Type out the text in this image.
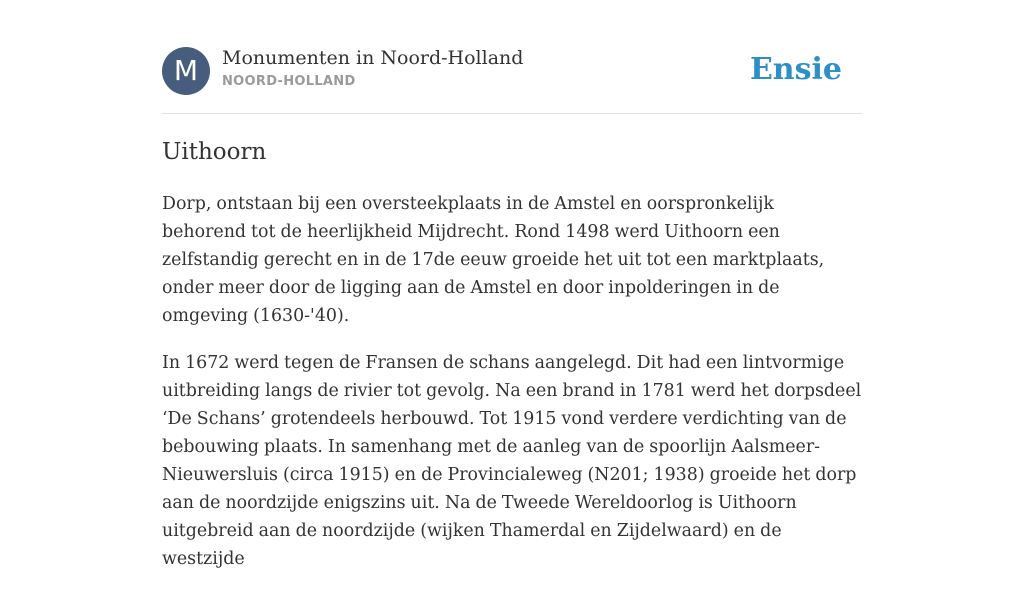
M	Monumenten in Noord-Holland
NOORD-HOLLAND	Ensie
Uithoorn

Dorp, ontstaan bij een oversteekplaats in de Amstel en oorspronkelijk behorend tot de heerlijkheid Mijdrecht. Rond 1498 werd Uithoorn een zelfstandig gerecht en in de 17de eeuw groeide het uit tot een marktplaats, onder meer door de ligging aan de Amstel en door inpolderingen in de omgeving (1630-'40).

In 1672 werd tegen de Fransen de schans aangelegd. Dit had een lintvormige uitbreiding langs de rivier tot gevolg. Na een brand in 1781 werd het dorpsdeel ‘De Schans’ grotendeels herbouwd. Tot 1915 vond verdere verdichting van de bebouwing plaats. In samenhang met de aanleg van de spoorlijn Aalsmeer-Nieuwersluis (circa 1915) en de Provincialeweg (N201; 1938) groeide het dorp aan de noordzijde enigszins uit. Na de Tweede Wereldoorlog is Uithoorn uitgebreid aan de noordzijde (wijken Thamerdal en Zijdelwaard) en de westzijde
